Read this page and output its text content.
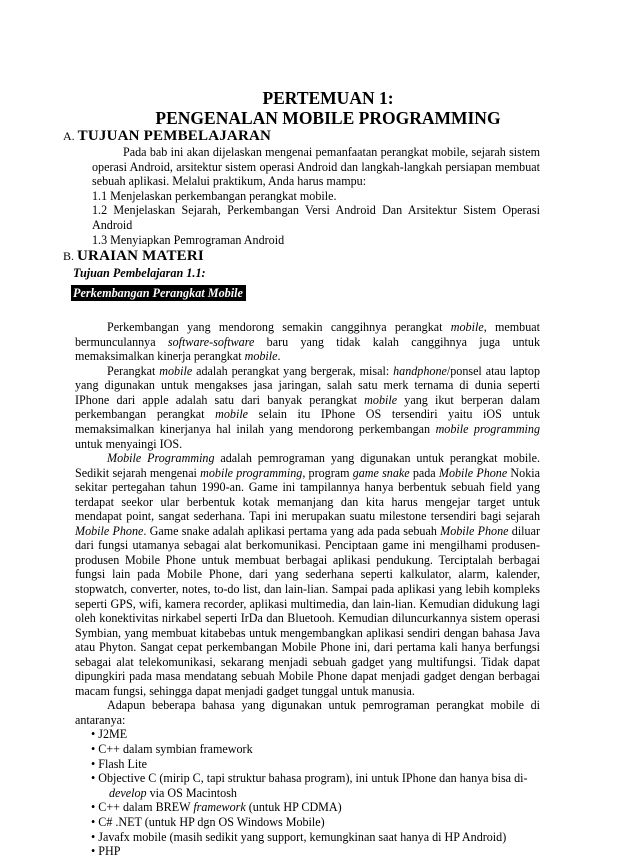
PERTEMUAN 1:
PENGENALAN MOBILE PROGRAMMING
A. TUJUAN PEMBELAJARAN
Pada bab ini akan dijelaskan mengenai pemanfaatan perangkat mobile, sejarah sistem operasi Android, arsitektur sistem operasi Android dan langkah-langkah persiapan membuat sebuah aplikasi. Melalui praktikum, Anda harus mampu:
1.1 Menjelaskan perkembangan perangkat mobile.
1.2 Menjelaskan Sejarah, Perkembangan Versi Android Dan Arsitektur Sistem Operasi Android
1.3 Menyiapkan Pemrograman Android
B. URAIAN MATERI
Tujuan Pembelajaran 1.1:
Perkembangan Perangkat Mobile

Perkembangan yang mendorong semakin canggihnya perangkat mobile, membuat bermunculannya software-software baru yang tidak kalah canggihnya juga untuk memaksimalkan kinerja perangkat mobile.

Perangkat mobile adalah perangkat yang bergerak, misal: handphone/ponsel atau laptop yang digunakan untuk mengakses jasa jaringan, salah satu merk ternama di dunia seperti IPhone dari apple adalah satu dari banyak perangkat mobile yang ikut berperan dalam perkembangan perangkat mobile selain itu IPhone OS tersendiri yaitu iOS untuk memaksimalkan kinerjanya hal inilah yang mendorong perkembangan mobile programming untuk menyaingi IOS.

Mobile Programming adalah pemrograman yang digunakan untuk perangkat mobile. Sedikit sejarah mengenai mobile programming, program game snake pada Mobile Phone Nokia sekitar pertegahan tahun 1990-an. Game ini tampilannya hanya berbentuk sebuah field yang terdapat seekor ular berbentuk kotak memanjang dan kita harus mengejar target untuk mendapat point, sangat sederhana. Tapi ini merupakan suatu milestone tersendiri bagi sejarah Mobile Phone. Game snake adalah aplikasi pertama yang ada pada sebuah Mobile Phone diluar dari fungsi utamanya sebagai alat berkomunikasi. Penciptaan game ini mengilhami produsen-produsen Mobile Phone untuk membuat berbagai aplikasi pendukung. Terciptalah berbagai fungsi lain pada Mobile Phone, dari yang sederhana seperti kalkulator, alarm, kalender, stopwatch, converter, notes, to-do list, dan lain-lian. Sampai pada aplikasi yang lebih kompleks seperti GPS, wifi, kamera recorder, aplikasi multimedia, dan lain-lian. Kemudian didukung lagi oleh konektivitas nirkabel seperti IrDa dan Bluetooh. Kemudian diluncurkannya sistem operasi Symbian, yang membuat kitabebas untuk mengembangkan aplikasi sendiri dengan bahasa Java atau Phyton. Sangat cepat perkembangan Mobile Phone ini, dari pertama kali hanya berfungsi sebagai alat telekomunikasi, sekarang menjadi sebuah gadget yang multifungsi. Tidak dapat dipungkiri pada masa mendatang sebuah Mobile Phone dapat menjadi gadget dengan berbagai macam fungsi, sehingga dapat menjadi gadget tunggal untuk manusia.

Adapun beberapa bahasa yang digunakan untuk pemrograman perangkat mobile di antaranya:

• J2ME
• C++ dalam symbian framework
• Flash Lite
• Objective C (mirip C, tapi struktur bahasa program), ini untuk IPhone dan hanya bisa di-develop via OS Macintosh
• C++ dalam BREW framework (untuk HP CDMA)
• C# .NET (untuk HP dgn OS Windows Mobile)
• Javafx mobile (masih sedikit yang support, kemungkinan saat hanya di HP Android)
• PHP
